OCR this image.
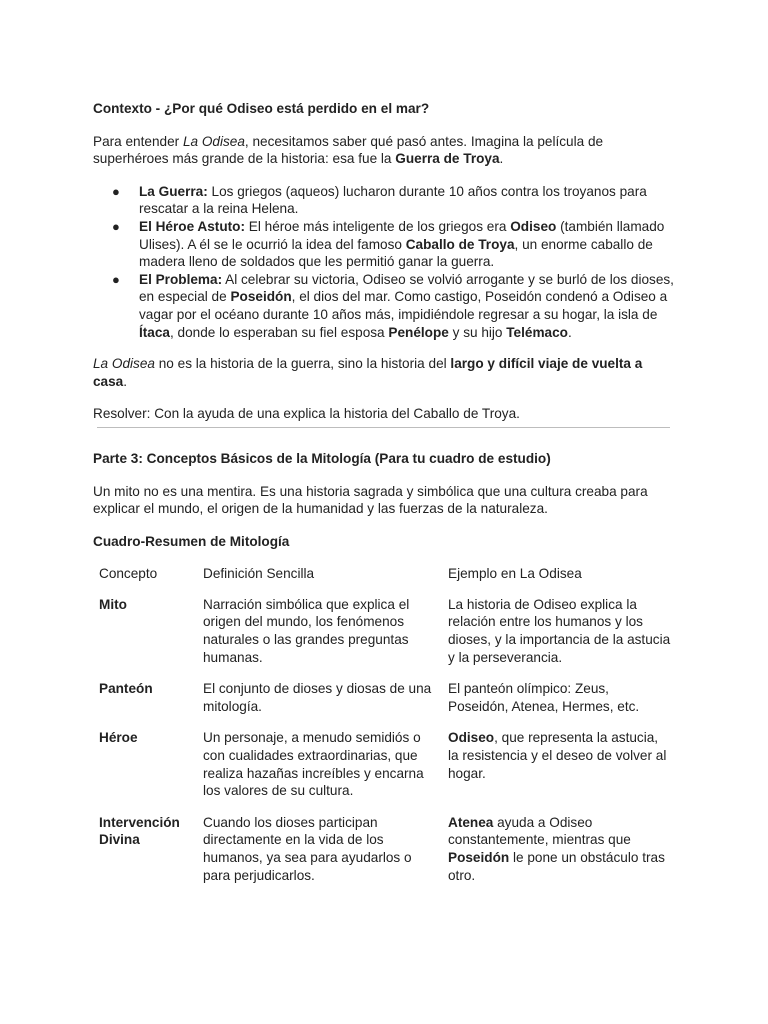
Contexto - ¿Por qué Odiseo está perdido en el mar?

Para entender La Odisea, necesitamos saber qué pasó antes. Imagina la película de superhéroes más grande de la historia: esa fue la Guerra de Troya.

● La Guerra: Los griegos (aqueos) lucharon durante 10 años contra los troyanos para rescatar a la reina Helena.
● El Héroe Astuto: El héroe más inteligente de los griegos era Odiseo (también llamado Ulises). A él se le ocurrió la idea del famoso Caballo de Troya, un enorme caballo de madera lleno de soldados que les permitió ganar la guerra.
● El Problema: Al celebrar su victoria, Odiseo se volvió arrogante y se burló de los dioses, en especial de Poseidón, el dios del mar. Como castigo, Poseidón condenó a Odiseo a vagar por el océano durante 10 años más, impidiéndole regresar a su hogar, la isla de Ítaca, donde lo esperaban su fiel esposa Penélope y su hijo Telémaco.

La Odisea no es la historia de la guerra, sino la historia del largo y difícil viaje de vuelta a casa.

Resolver: Con la ayuda de una explica la historia del Caballo de Troya.

Parte 3: Conceptos Básicos de la Mitología (Para tu cuadro de estudio)

Un mito no es una mentira. Es una historia sagrada y simbólica que una cultura creaba para explicar el mundo, el origen de la humanidad y las fuerzas de la naturaleza.

Cuadro-Resumen de Mitología

Concepto	Definición Sencilla	Ejemplo en La Odisea
Mito	Narración simbólica que explica el origen del mundo, los fenómenos naturales o las grandes preguntas humanas.	La historia de Odiseo explica la relación entre los humanos y los dioses, y la importancia de la astucia y la perseverancia.
Panteón	El conjunto de dioses y diosas de una mitología.	El panteón olímpico: Zeus, Poseidón, Atenea, Hermes, etc.
Héroe	Un personaje, a menudo semidiós o con cualidades extraordinarias, que realiza hazañas increíbles y encarna los valores de su cultura.	Odiseo, que representa la astucia, la resistencia y el deseo de volver al hogar.
Intervención Divina	Cuando los dioses participan directamente en la vida de los humanos, ya sea para ayudarlos o para perjudicarlos.	Atenea ayuda a Odiseo constantemente, mientras que Poseidón le pone un obstáculo tras otro.
